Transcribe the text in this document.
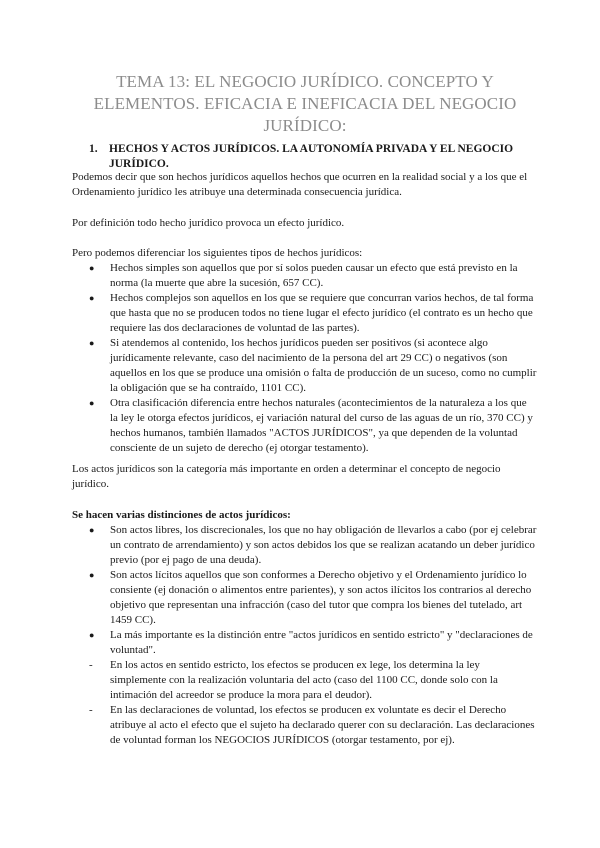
TEMA 13: EL NEGOCIO JURÍDICO. CONCEPTO Y ELEMENTOS. EFICACIA E INEFICACIA DEL NEGOCIO JURÍDICO:
1. HECHOS Y ACTOS JURÍDICOS. LA AUTONOMÍA PRIVADA Y EL NEGOCIO JURÍDICO.

Podemos decir que son hechos jurídicos aquellos hechos que ocurren en la realidad social y a los que el Ordenamiento jurídico les atribuye una determinada consecuencia jurídica.

Por definición todo hecho jurídico provoca un efecto jurídico.

Pero podemos diferenciar los siguientes tipos de hechos jurídicos:

● Hechos simples son aquellos que por sí solos pueden causar un efecto que está previsto en la norma (la muerte que abre la sucesión, 657 CC).
● Hechos complejos son aquellos en los que se requiere que concurran varios hechos, de tal forma que hasta que no se producen todos no tiene lugar el efecto jurídico (el contrato es un hecho que requiere las dos declaraciones de voluntad de las partes).
● Si atendemos al contenido, los hechos jurídicos pueden ser positivos (si acontece algo jurídicamente relevante, caso del nacimiento de la persona del art 29 CC) o negativos (son aquellos en los que se produce una omisión o falta de producción de un suceso, como no cumplir la obligación que se ha contraído, 1101 CC).
● Otra clasificación diferencia entre hechos naturales (acontecimientos de la naturaleza a los que la ley le otorga efectos jurídicos, ej variación natural del curso de las aguas de un río, 370 CC) y hechos humanos, también llamados "ACTOS JURÍDICOS", ya que dependen de la voluntad consciente de un sujeto de derecho (ej otorgar testamento).

Los actos jurídicos son la categoría más importante en orden a determinar el concepto de negocio jurídico.

Se hacen varias distinciones de actos jurídicos:

● Son actos libres, los discrecionales, los que no hay obligación de llevarlos a cabo (por ej celebrar un contrato de arrendamiento) y son actos debidos los que se realizan acatando un deber jurídico previo (por ej pago de una deuda).
● Son actos lícitos aquellos que son conformes a Derecho objetivo y el Ordenamiento jurídico lo consiente (ej donación o alimentos entre parientes), y son actos ilícitos los contrarios al derecho objetivo que representan una infracción (caso del tutor que compra los bienes del tutelado, art 1459 CC).
● La más importante es la distinción entre "actos jurídicos en sentido estricto" y "declaraciones de voluntad".
- En los actos en sentido estricto, los efectos se producen ex lege, los determina la ley simplemente con la realización voluntaria del acto (caso del 1100 CC, donde solo con la intimación del acreedor se produce la mora para el deudor).
- En las declaraciones de voluntad, los efectos se producen ex voluntate es decir el Derecho atribuye al acto el efecto que el sujeto ha declarado querer con su declaración. Las declaraciones de voluntad forman los NEGOCIOS JURÍDICOS (otorgar testamento, por ej).
